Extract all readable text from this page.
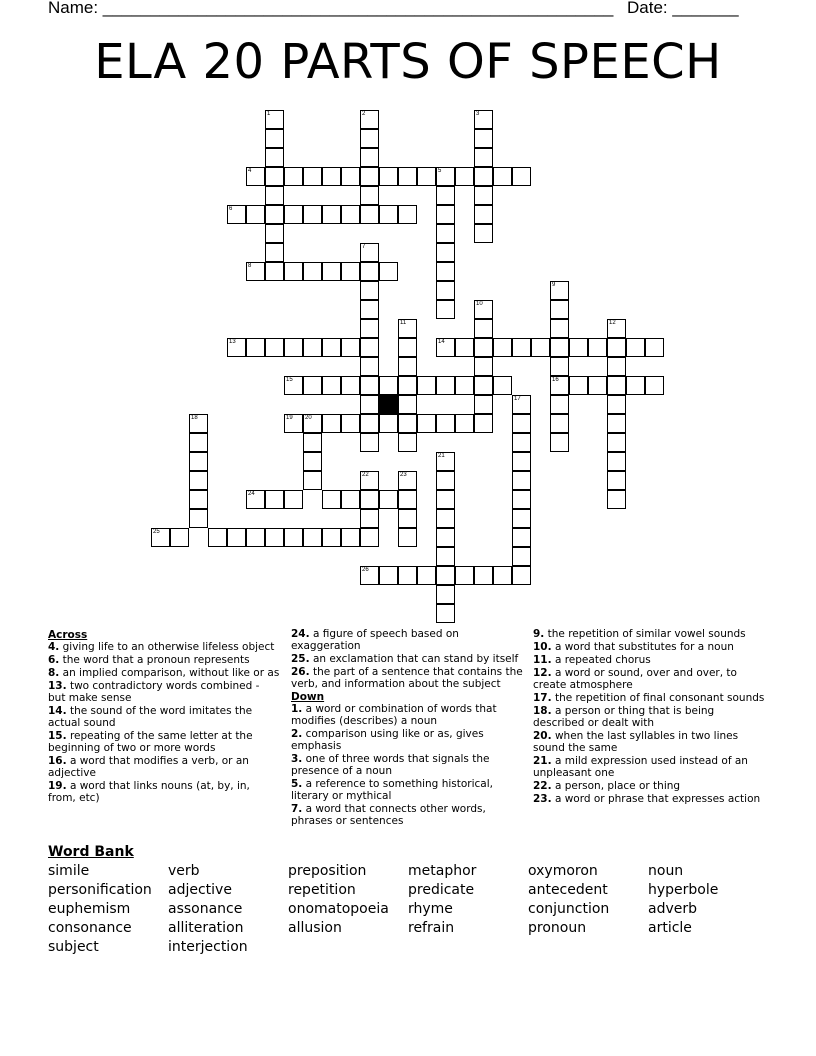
Name: ______________________________________________________ Date: _______
ELA 20 PARTS OF SPEECH
1	2	3
4	5
6
7
8
9
16
10
11	12
13	14
15
17
18	19 20
21
22	23
24
25
26
Across
4. giving life to an otherwise lifeless object
6. the word that a pronoun represents
8. an implied comparison, without like or as
13. two contradictory words combined - but make sense
14. the sound of the word imitates the actual sound
15. repeating of the same letter at the beginning of two or more words
16. a word that modifies a verb, or an adjective
19. a word that links nouns (at, by, in, from, etc)
24. a figure of speech based on exaggeration
25. an exclamation that can stand by itself
26. the part of a sentence that contains the verb, and information about the subject
Down
1. a word or combination of words that modifies (describes) a noun
2. comparison using like or as, gives emphasis
3. one of three words that signals the presence of a noun
5. a reference to something historical, literary or mythical
7. a word that connects other words, phrases or sentences
9. the repetition of similar vowel sounds
10. a word that substitutes for a noun
11. a repeated chorus
12. a word or sound, over and over, to create atmosphere
17. the repetition of final consonant sounds
18. a person or thing that is being described or dealt with
20. when the last syllables in two lines sound the same
21. a mild expression used instead of an unpleasant one
22. a person, place or thing
23. a word or phrase that expresses action
Word Bank
simile	verb	preposition	metaphor	oxymoron	noun
personification	adjective	repetition	predicate	antecedent	hyperbole
euphemism	assonance	onomatopoeia	rhyme	conjunction	adverb
consonance	alliteration	allusion	refrain	pronoun	article
subject	interjection
